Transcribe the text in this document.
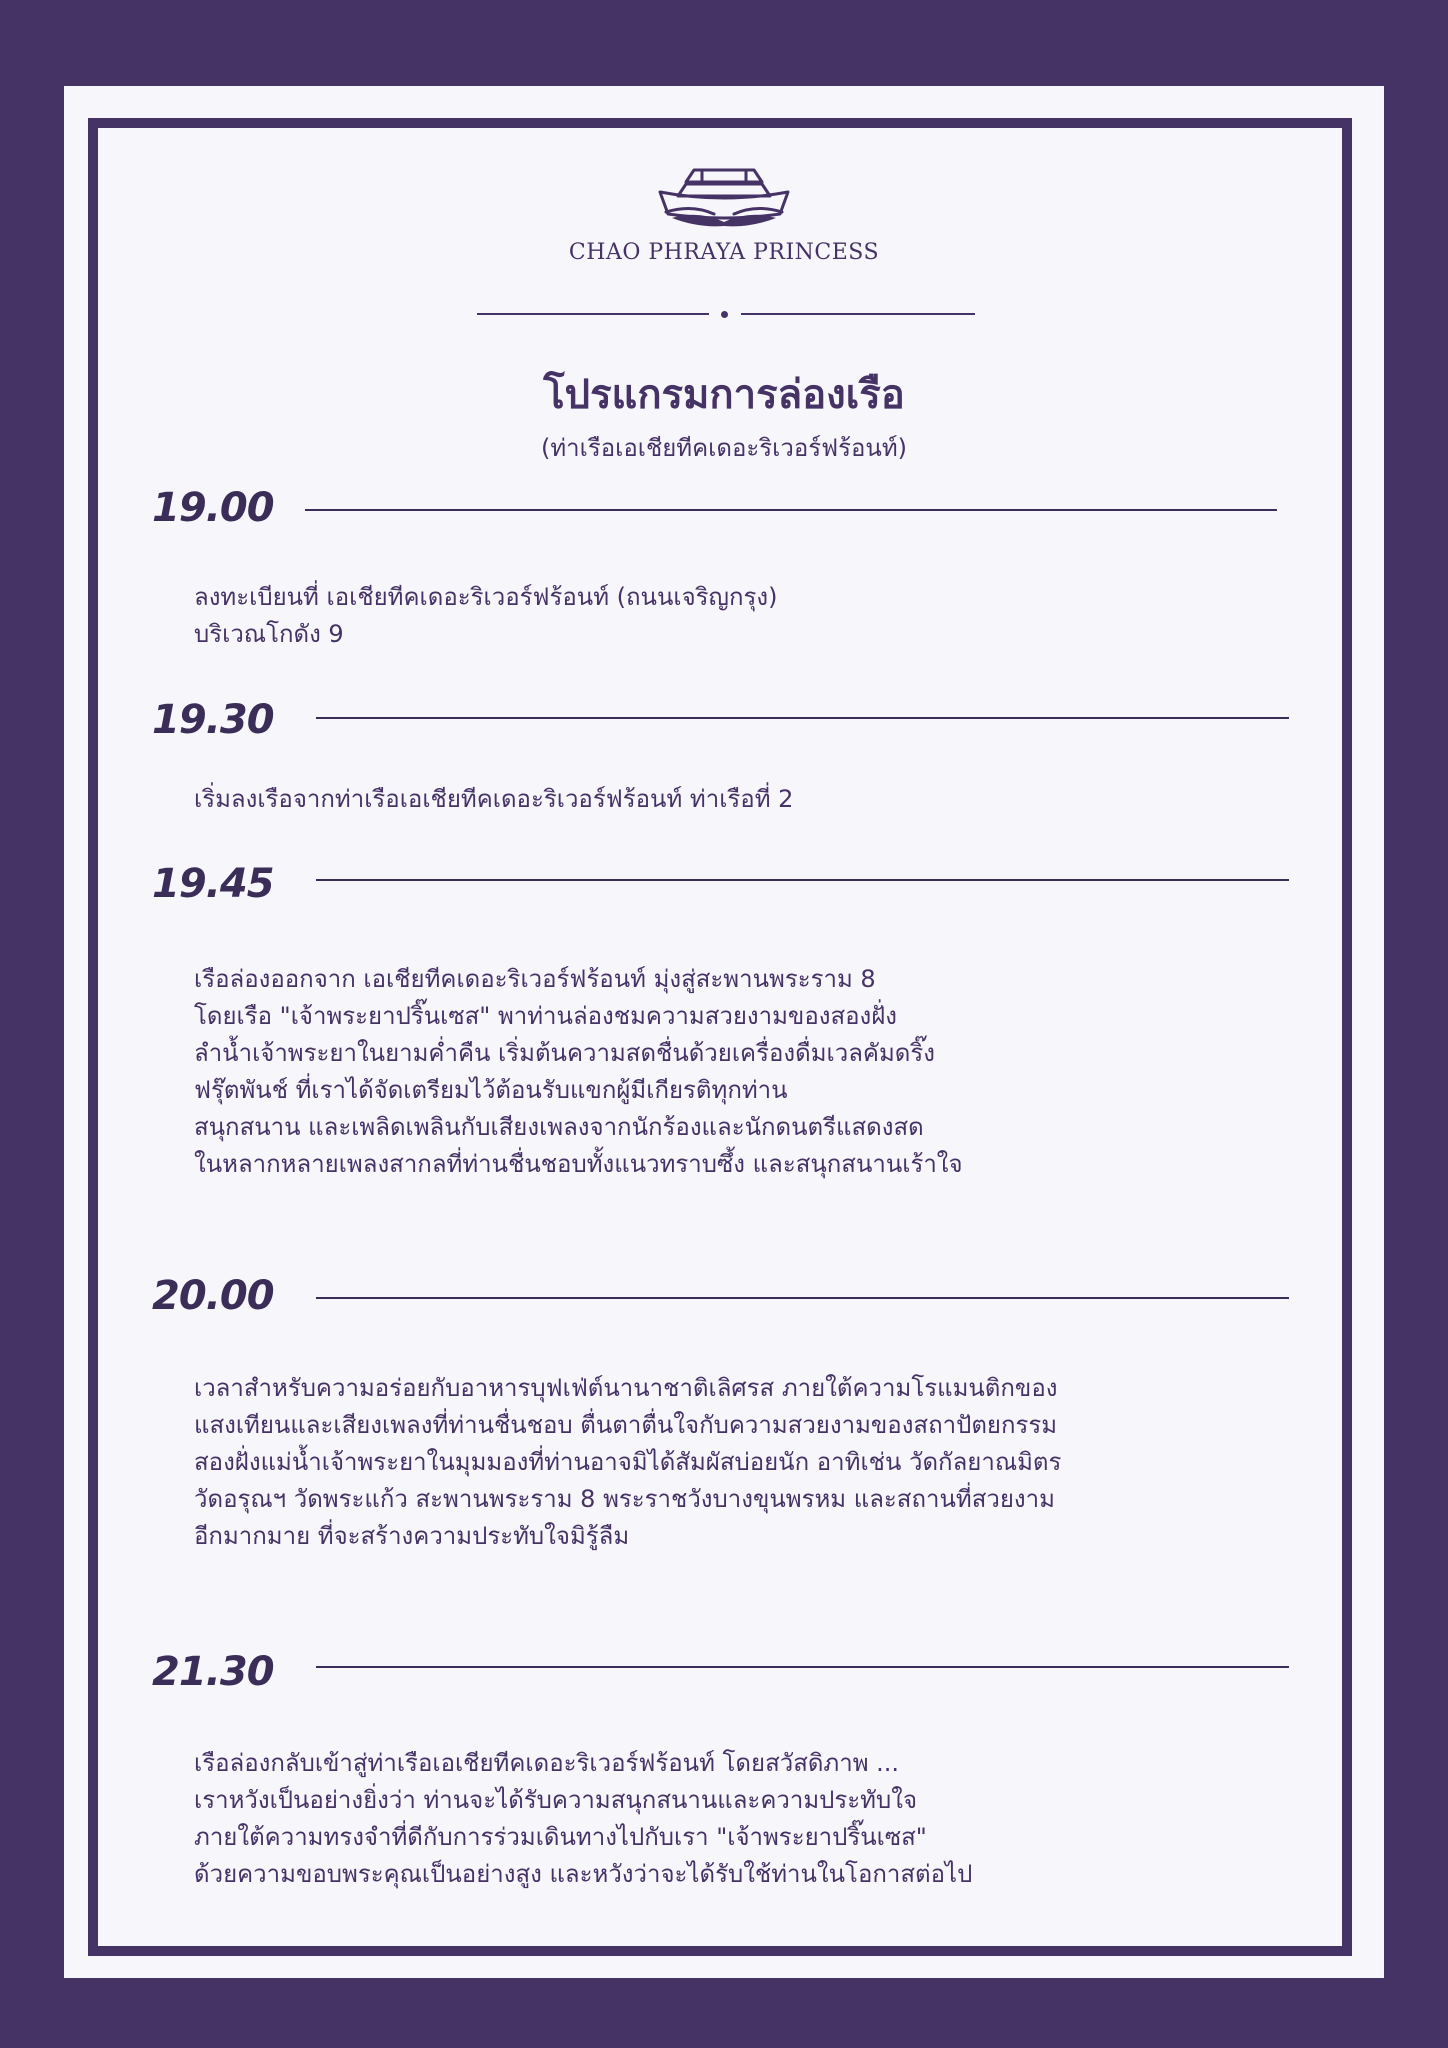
CHAO PHRAYA PRINCESS
โปรแกรมการล่องเรือ
(ท่าเรือเอเชียทีคเดอะริเวอร์ฟร้อนท์)
19.00
ลงทะเบียนที่ เอเชียทีคเดอะริเวอร์ฟร้อนท์ (ถนนเจริญกรุง)
บริเวณโกดัง 9
19.30
เริ่มลงเรือจากท่าเรือเอเชียทีคเดอะริเวอร์ฟร้อนท์ ท่าเรือที่ 2
19.45
เรือล่องออกจาก เอเชียทีคเดอะริเวอร์ฟร้อนท์ มุ่งสู่สะพานพระราม 8
โดยเรือ "เจ้าพระยาปริ๊นเซส" พาท่านล่องชมความสวยงามของสองฝั่ง
ลำน้ำเจ้าพระยาในยามค่ำคืน เริ่มต้นความสดชื่นด้วยเครื่องดื่มเวลคัมดริ๊ง
ฟรุ๊ตพันช์ ที่เราได้จัดเตรียมไว้ต้อนรับแขกผู้มีเกียรติทุกท่าน
สนุกสนาน และเพลิดเพลินกับเสียงเพลงจากนักร้องและนักดนตรีแสดงสด
ในหลากหลายเพลงสากลที่ท่านชื่นชอบทั้งแนวทราบซึ้ง และสนุกสนานเร้าใจ
20.00
เวลาสำหรับความอร่อยกับอาหารบุฟเฟ่ต์นานาชาติเลิศรส ภายใต้ความโรแมนติกของ
แสงเทียนและเสียงเพลงที่ท่านชื่นชอบ ตื่นตาตื่นใจกับความสวยงามของสถาปัตยกรรม
สองฝั่งแม่น้ำเจ้าพระยาในมุมมองที่ท่านอาจมิได้สัมผัสบ่อยนัก อาทิเช่น วัดกัลยาณมิตร
วัดอรุณฯ วัดพระแก้ว สะพานพระราม 8 พระราชวังบางขุนพรหม และสถานที่สวยงาม
อีกมากมาย ที่จะสร้างความประทับใจมิรู้ลืม
21.30
เรือล่องกลับเข้าสู่ท่าเรือเอเชียทีคเดอะริเวอร์ฟร้อนท์ โดยสวัสดิภาพ ...
เราหวังเป็นอย่างยิ่งว่า ท่านจะได้รับความสนุกสนานและความประทับใจ
ภายใต้ความทรงจำที่ดีกับการร่วมเดินทางไปกับเรา "เจ้าพระยาปริ๊นเซส"
ด้วยความขอบพระคุณเป็นอย่างสูง และหวังว่าจะได้รับใช้ท่านในโอกาสต่อไป
